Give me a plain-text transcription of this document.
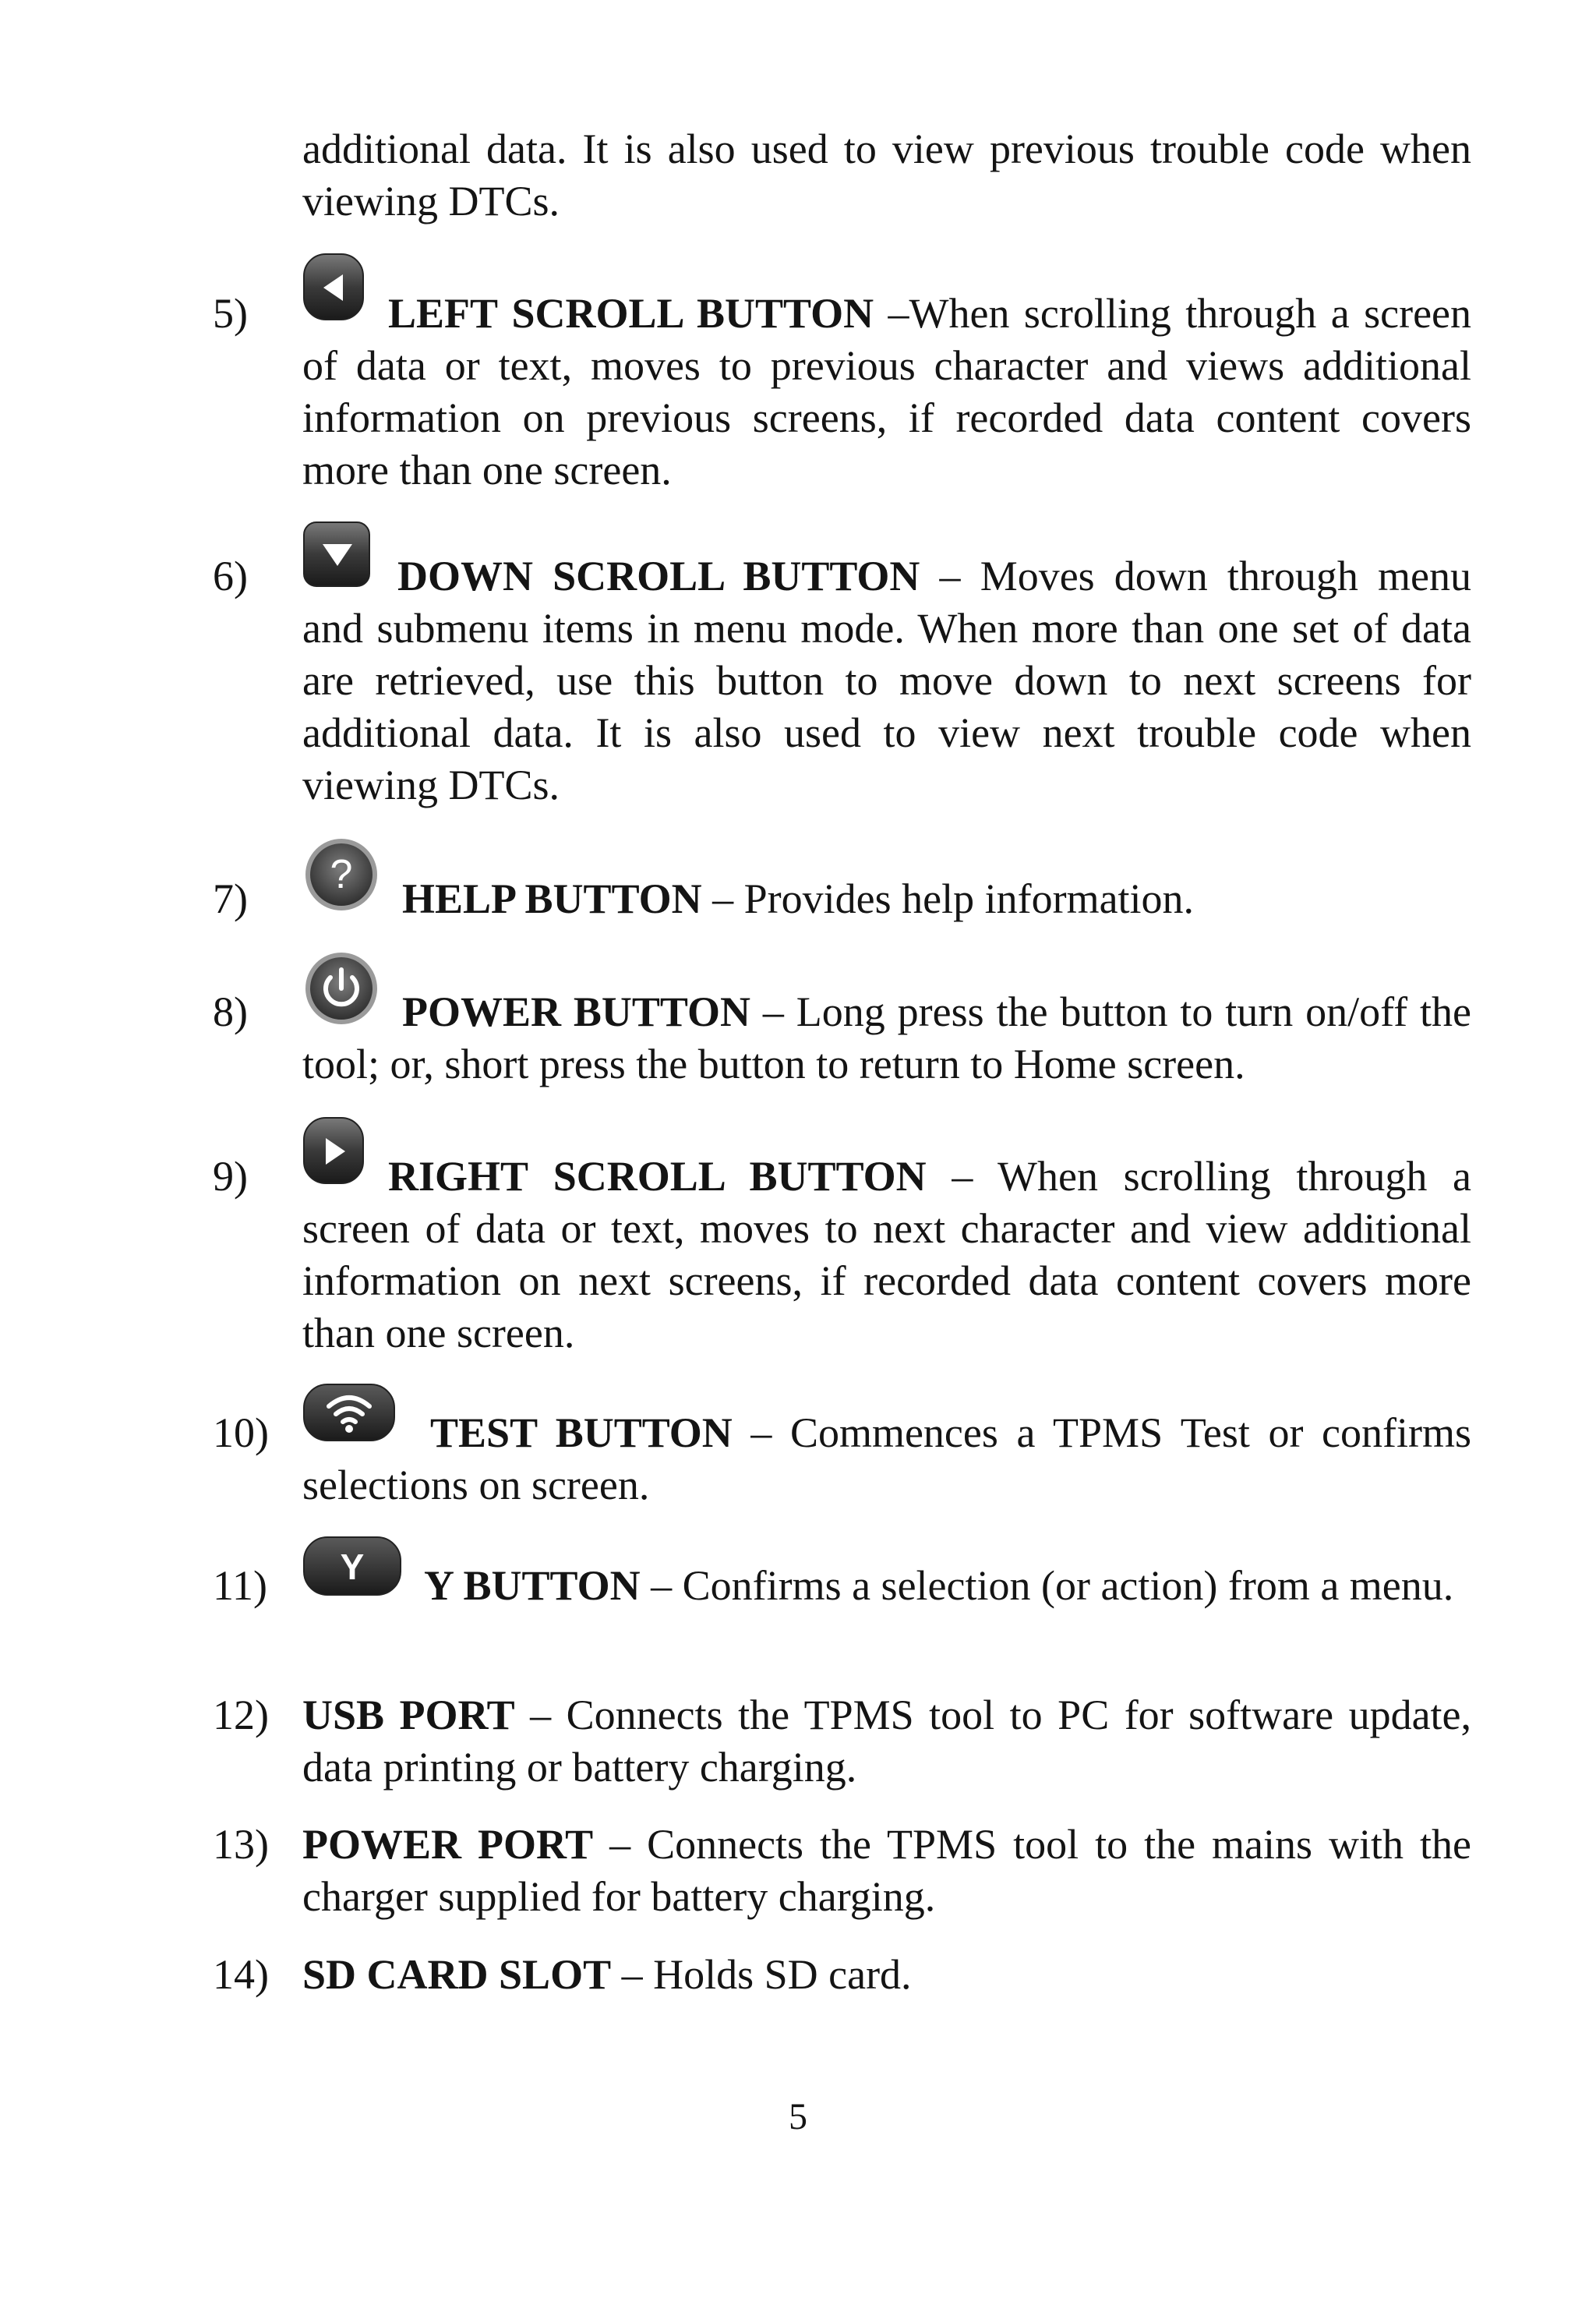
additional data. It is also used to view previous trouble code when viewing DTCs.
5)	LEFT SCROLL BUTTON –When scrolling through a screen of data or text, moves to previous character and views additional information on previous screens, if recorded data content covers more than one screen.
6)	DOWN SCROLL BUTTON – Moves down through menu and submenu items in menu mode. When more than one set of data are retrieved, use this button to move down to next screens for additional data. It is also used to view next trouble code when viewing DTCs.
7)
?
HELP BUTTON – Provides help information.
8)	POWER BUTTON – Long press the button to turn on/off the tool; or, short press the button to return to Home screen.
9)	RIGHT SCROLL BUTTON – When scrolling through a screen of data or text, moves to next character and view additional information on next screens, if recorded data content covers more than one screen.
10)	TEST BUTTON – Commences a TPMS Test or confirms selections on screen.
11) Y	Y BUTTON – Confirms a selection (or action) from a menu.
12) USB PORT – Connects the TPMS tool to PC for software update, data printing or battery charging.
13) POWER PORT – Connects the TPMS tool to the mains with the charger supplied for battery charging.
14) SD CARD SLOT – Holds SD card.
5
